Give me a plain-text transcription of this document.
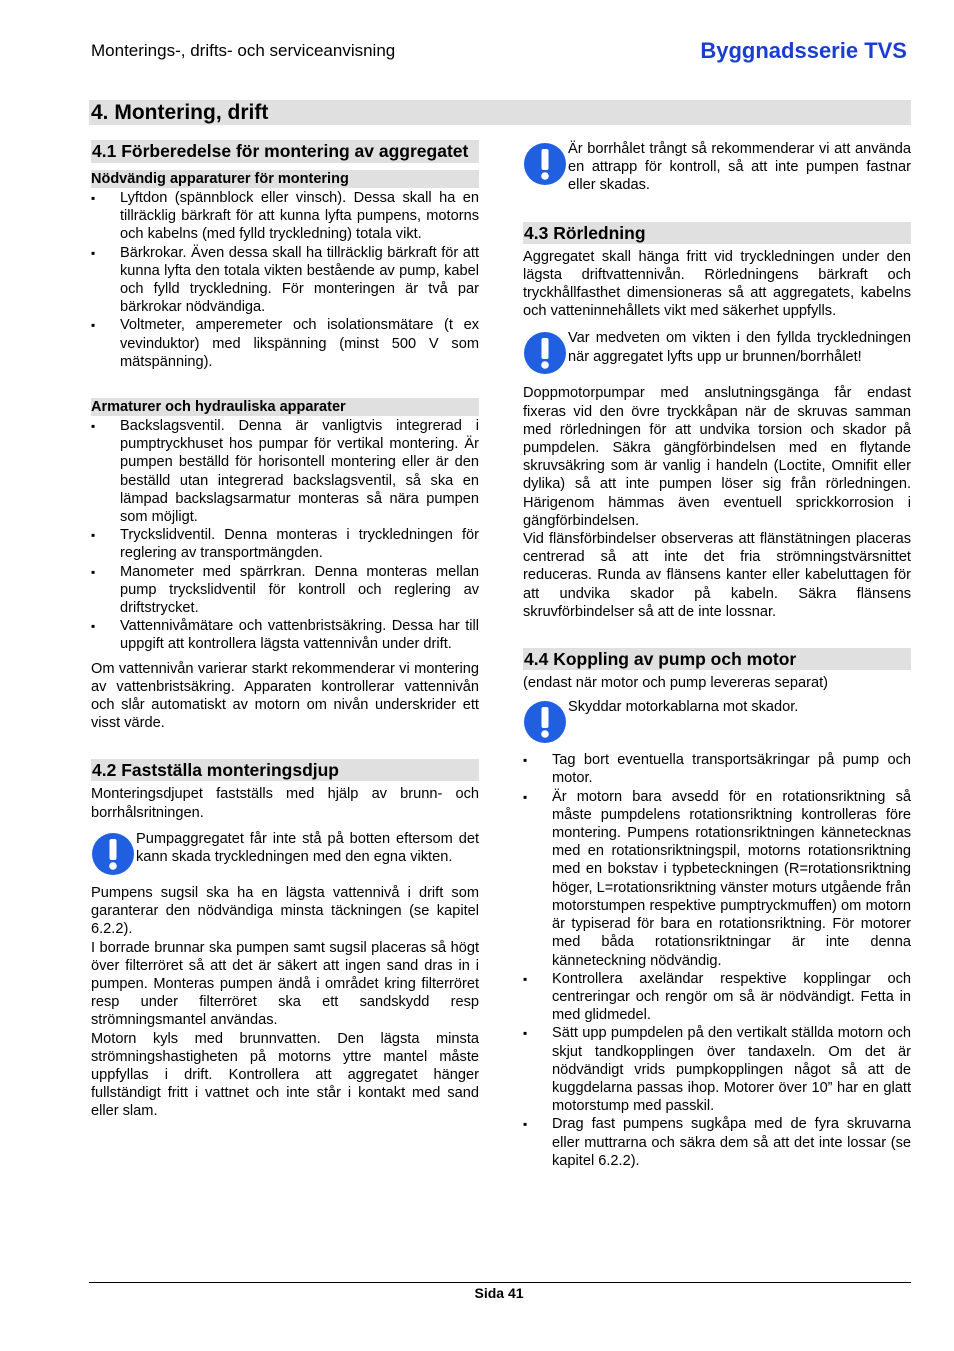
Monterings-, drifts- och serviceanvisning	Byggnadsserie TVS
4. Montering, drift
4.1 Förberedelse för montering av aggregatet
Nödvändig apparaturer för montering
▪ Lyftdon (spännblock eller vinsch). Dessa skall ha en tillräcklig bärkraft för att kunna lyfta pumpens, motorns och kabelns (med fylld tryckledning) totala vikt.
▪ Bärkrokar. Även dessa skall ha tillräcklig bärkraft för att kunna lyfta den totala vikten bestående av pump, kabel och fylld tryckledning. För monteringen är två par bärkrokar nödvändiga.
▪ Voltmeter, amperemeter och isolationsmätare (t ex vevinduktor) med likspänning (minst 500 V som mätspänning).
Armaturer och hydrauliska apparater
▪ Backslagsventil. Denna är vanligtvis integrerad i pumptryckhuset hos pumpar för vertikal montering. Är pumpen beställd för horisontell montering eller är den beställd utan integrerad backslagsventil, så ska en lämpad backslagsarmatur monteras så nära pumpen som möjligt.
▪ Tryckslidventil. Denna monteras i tryckledningen för reglering av transportmängden.
▪ Manometer med spärrkran. Denna monteras mellan pump tryckslidventil för kontroll och reglering av driftstrycket.
▪ Vattennivåmätare och vattenbristsäkring. Dessa har till uppgift att kontrollera lägsta vattennivån under drift.

Om vattennivån varierar starkt rekommenderar vi montering av vattenbristsäkring. Apparaten kontrollerar vattennivån och slår automatiskt av motorn om nivån underskrider ett visst värde.

4.2 Fastställa monteringsdjup

Monteringsdjupet fastställs med hjälp av brunn- och borrhålsritningen.

Pumpaggregatet får inte stå på botten eftersom det kann skada tryckledningen med den egna vikten.

Pumpens sugsil ska ha en lägsta vattennivå i drift som garanterar den nödvändiga minsta täckningen (se kapitel 6.2.2).

I borrade brunnar ska pumpen samt sugsil placeras så högt över filterröret så att det är säkert att ingen sand dras in i pumpen. Monteras pumpen ändå i området kring filterröret resp under filterröret ska ett sandskydd resp strömningsmantel användas.

Motorn kyls med brunnvatten. Den lägsta minsta strömningshastigheten på motorns yttre mantel måste uppfyllas i drift. Kontrollera att aggregatet hänger fullständigt fritt i vattnet och inte står i kontakt med sand eller slam.

Är borrhålet trångt så rekommenderar vi att använda en attrapp för kontroll, så att inte pumpen fastnar eller skadas.
4.3 Rörledning

Aggregatet skall hänga fritt vid tryckledningen under den lägsta driftvattennivån. Rörledningens bärkraft och tryckhållfasthet dimensioneras så att aggregatets, kabelns och vatteninnehållets vikt med säkerhet uppfylls.

Var medveten om vikten i den fyllda tryckledningen när aggregatet lyfts upp ur brunnen/borrhålet!

Doppmotorpumpar med anslutningsgänga får endast fixeras vid den övre tryckkåpan när de skruvas samman med rörledningen för att undvika torsion och skador på pumpdelen. Säkra gängförbindelsen med en flytande skruvsäkring som är vanlig i handeln (Loctite, Omnifit eller dylika) så att inte pumpen löser sig från rörledningen. Härigenom hämmas även eventuell sprickkorrosion i gängförbindelsen.

Vid flänsförbindelser observeras att flänstätningen placeras centrerad så att inte det fria strömningstvärsnittet reduceras. Runda av flänsens kanter eller kabeluttagen för att undvika skador på kabeln. Säkra flänsens skruvförbindelser så att de inte lossnar.

4.4 Koppling av pump och motor

(endast när motor och pump levereras separat)

Skyddar motorkablarna mot skador.
▪ Tag bort eventuella transportsäkringar på pump och motor.
▪ Är motorn bara avsedd för en rotationsriktning så måste pumpdelens rotationsriktning kontrolleras före montering. Pumpens rotationsriktningen kännetecknas med en rotationsriktningspil, motorns rotationsriktning med en bokstav i typbeteckningen (R=rotationsriktning höger, L=rotationsriktning vänster moturs utgående från motorstumpen respektive pumptryckmuffen) om motorn är typiserad för bara en rotationsriktning. För motorer med båda rotationsriktningar är inte denna känneteckning nödvändig.
▪ Kontrollera axeländar respektive kopplingar och centreringar och rengör om så är nödvändigt. Fetta in med glidmedel.
▪ Sätt upp pumpdelen på den vertikalt ställda motorn och skjut tandkopplingen över tandaxeln. Om det är nödvändigt vrids pumpkopplingen något så att de kuggdelarna passas ihop. Motorer över 10” har en glatt motorstump med passkil.
▪ Drag fast pumpens sugkåpa med de fyra skruvarna eller muttrarna och säkra dem så att det inte lossar (se kapitel 6.2.2).
Sida 41
